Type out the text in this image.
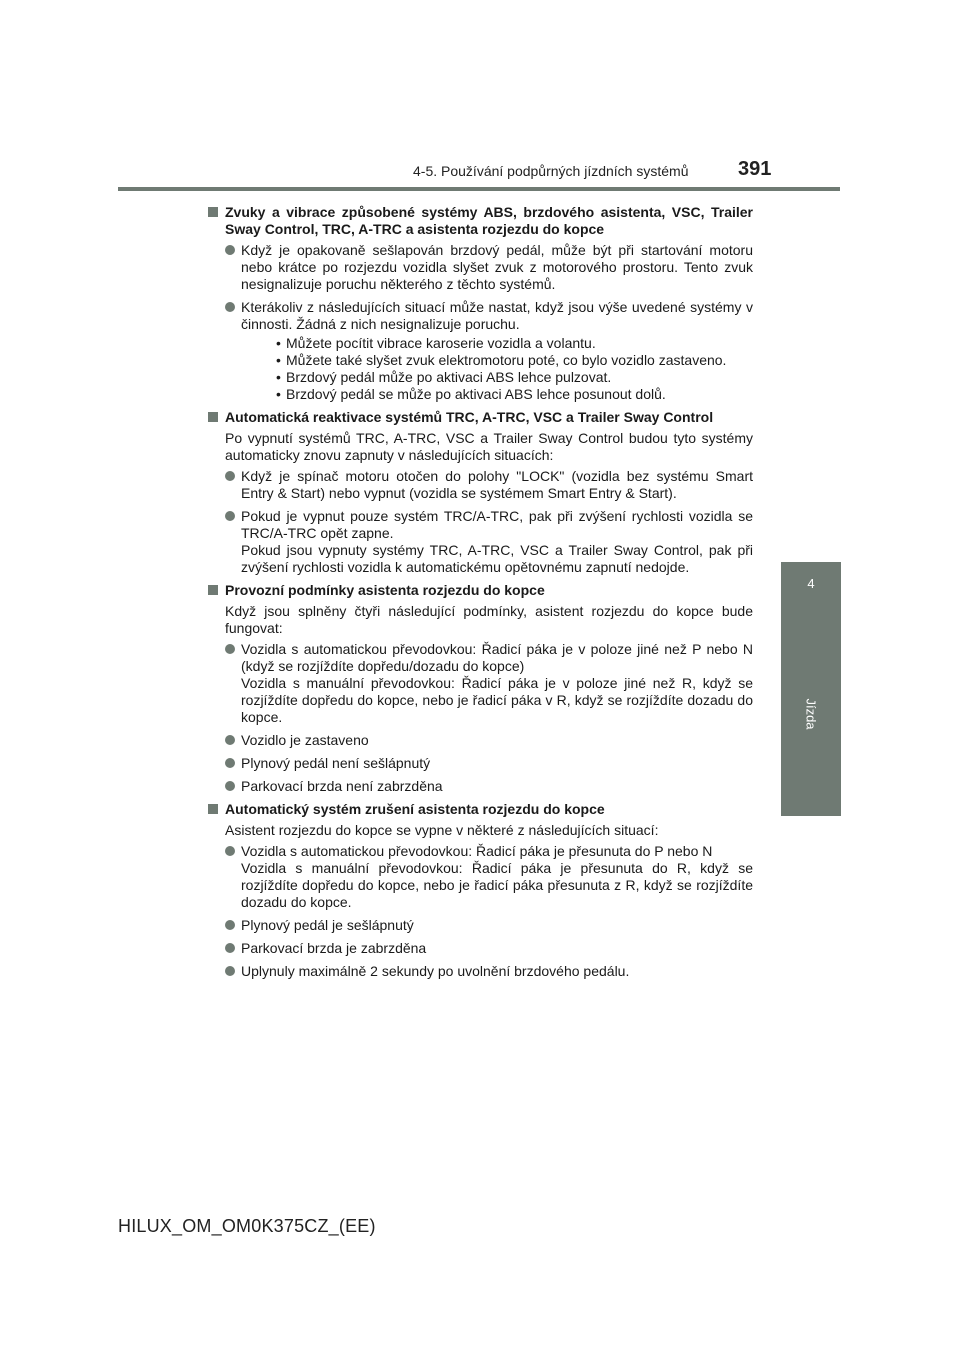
4-5. Používání podpůrných jízdních systémů 391
4
Jízda
Zvuky a vibrace způsobené systémy ABS, brzdového asistenta, VSC, Trailer Sway Control, TRC, A-TRC a asistenta rozjezdu do kopce
Když je opakovaně sešlapován brzdový pedál, může být při startování motoru nebo krátce po rozjezdu vozidla slyšet zvuk z motorového prostoru. Tento zvuk nesignalizuje poruchu některého z těchto systémů.
Kterákoliv z následujících situací může nastat, když jsou výše uvedené systémy v činnosti. Žádná z nich nesignalizuje poruchu.
• Můžete pocítit vibrace karoserie vozidla a volantu.
• Můžete také slyšet zvuk elektromotoru poté, co bylo vozidlo zastaveno.
• Brzdový pedál může po aktivaci ABS lehce pulzovat.
• Brzdový pedál se může po aktivaci ABS lehce posunout dolů.
Automatická reaktivace systémů TRC, A-TRC, VSC a Trailer Sway Control
Po vypnutí systémů TRC, A-TRC, VSC a Trailer Sway Control budou tyto systémy automaticky znovu zapnuty v následujících situacích:
Když je spínač motoru otočen do polohy "LOCK" (vozidla bez systému Smart Entry & Start) nebo vypnut (vozidla se systémem Smart Entry & Start).
Pokud je vypnut pouze systém TRC/A-TRC, pak při zvýšení rychlosti vozidla se TRC/A-TRC opět zapne.
Pokud jsou vypnuty systémy TRC, A-TRC, VSC a Trailer Sway Control, pak při zvýšení rychlosti vozidla k automatickému opětovnému zapnutí nedojde.
Provozní podmínky asistenta rozjezdu do kopce
Když jsou splněny čtyři následující podmínky, asistent rozjezdu do kopce bude fungovat:
Vozidla s automatickou převodovkou: Řadicí páka je v poloze jiné než P nebo N (když se rozjíždíte dopředu/dozadu do kopce)
Vozidla s manuální převodovkou: Řadicí páka je v poloze jiné než R, když se rozjíždíte dopředu do kopce, nebo je řadicí páka v R, když se rozjíždíte dozadu do kopce.
Vozidlo je zastaveno
Plynový pedál není sešlápnutý
Parkovací brzda není zabrzděna
Automatický systém zrušení asistenta rozjezdu do kopce
Asistent rozjezdu do kopce se vypne v některé z následujících situací:
Vozidla s automatickou převodovkou: Řadicí páka je přesunuta do P nebo N
Vozidla s manuální převodovkou: Řadicí páka je přesunuta do R, když se rozjíždíte dopředu do kopce, nebo je řadicí páka přesunuta z R, když se rozjíždíte dozadu do kopce.
Plynový pedál je sešlápnutý
Parkovací brzda je zabrzděna
Uplynuly maximálně 2 sekundy po uvolnění brzdového pedálu.
HILUX_OM_OM0K375CZ_(EE)
